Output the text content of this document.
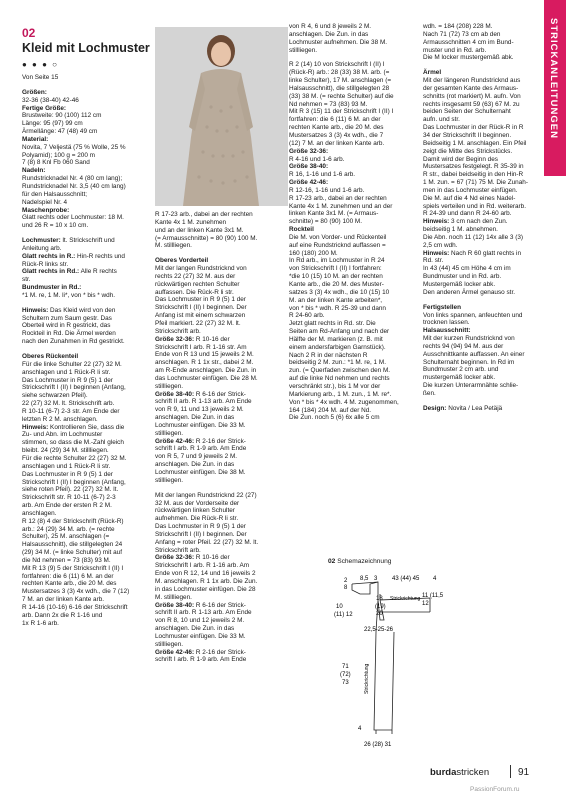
STRICKANLEITUNGEN
02
Kleid mit Lochmuster
● ● ● ○

Von Seite 15

Größen:

32-36 (38-40) 42-46

Fertige Größe:

Brustweite: 90 (100) 112 cm

Länge: 95 (97) 99 cm

Ärmellänge: 47 (48) 49 cm

Material:

Novita, 7 Veljestä (75 % Wolle, 25 %

Polyamid); 100 g = 200 m

7 (8) 8 Knl Fb 060 Sand

Nadeln:

Rundstricknadel Nr. 4 (80 cm lang);

Rundstricknadel Nr. 3,5 (40 cm lang)

für den Halsausschnitt;

Nadelspiel Nr. 4

Maschenprobe:

Glatt rechts oder Lochmuster: 18 M.

und 26 R = 10 x 10 cm.

Lochmuster: lt. Strickschrift und

Anleitung arb.

Glatt rechts in R.: Hin-R rechts und

Rück-R links str.

Glatt rechts in Rd.: Alle R rechts

str.

Bundmuster in Rd.:

*1 M. re, 1 M. li*, von * bis * wdh.

Hinweis: Das Kleid wird von den

Schultern zum Saum gestr. Das

Oberteil wird in R gestrickt, das

Rockteil in Rd. Die Ärmel werden

nach den Zunahmen in Rd gestrickt.

Oberes Rückenteil

Für die linke Schulter 22 (27) 32 M.

anschlagen und 1 Rück-R li str.

Das Lochmuster in R 9 (5) 1 der

Strickschrift I (II) I beginnen (Anfang,

siehe schwarzen Pfeil).

22 (27) 32 M. lt. Strickschrift arb.

R 10-11 (6-7) 2-3 str. Am Ende der

letzten R 2 M. anschlagen.

Hinweis: Kontrollieren Sie, dass die

Zu- und Abn. im Lochmuster

stimmen, so dass die M.-Zahl gleich

bleibt. 24 (29) 34 M. stillliegen.

Für die rechte Schulter 22 (27) 32 M.

anschlagen und 1 Rück-R li str.

Das Lochmuster in R 9 (5) 1 der

Strickschrift I (II) I beginnen (Anfang,

siehe roten Pfeil). 22 (27) 32 M. lt.

Strickschrift str. R 10-11 (6-7) 2-3

arb. Am Ende der ersten R 2 M.

anschlagen.

R 12 (8) 4 der Strickschrift (Rück-R)

arb.: 24 (29) 34 M. arb. (= rechte

Schulter), 25 M. anschlagen (=

Halsausschnitt), die stillgelegten 24

(29) 34 M. (= linke Schulter) mit auf

die Nd nehmen = 73 (83) 93 M.

Mit R 13 (9) 5 der Strickschrift I (II) I

fortfahren: die 6 (11) 6 M. an der

rechten Kante arb., die 20 M. des

Mustersatzes 3 (3) 4x wdh., die 7 (12)

7 M. an der linken Kante arb.

R 14-16 (10-16) 6-16 der Strickschrift

arb. Dann 2x die R 1-16 und

1x R 1-6 arb.

R 17-23 arb., dabei an der rechten

Kante 4x 1 M. zunehmen

und an der linken Kante 3x1 M.

(= Armausschnitte) = 80 (90) 100 M.

M. stillliegen.

Oberes Vorderteil

Mit der langen Rundstricknd von

rechts 22 (27) 32 M. aus der

rückwärtigen rechten Schulter

auffassen. Die Rück-R li str.

Das Lochmuster in R 9 (5) 1 der

Strickschrift I (II) I beginnen. Der

Anfang ist mit einem schwarzen

Pfeil markiert. 22 (27) 32 M. lt.

Strickschrift arb.

Größe 32-36: R 10-16 der

Strickschrift I arb. R 1-16 str. Am

Ende von R 13 und 15 jeweils 2 M.

anschlagen. R 1 1x str., dabei 2 M.

am R-Ende anschlagen. Die Zun. in

das Lochmuster einfügen. Die 28 M.

stillliegen.

Größe 38-40: R 6-16 der Strick-

schrift II arb. R 1-13 arb. Am Ende

von R 9, 11 und 13 jeweils 2 M.

anschlagen. Die Zun. in das

Lochmuster einfügen. Die 33 M.

stillliegen.

Größe 42-46: R 2-16 der Strick-

schrift I arb. R 1-9 arb. Am Ende

von R 5, 7 und 9 jeweils 2 M.

anschlagen. Die Zun. in das

Lochmuster einfügen. Die 38 M.

stillliegen.

Mit der langen Rundstricknd 22 (27)

32 M. aus der Vorderseite der

rückwärtigen linken Schulter

aufnehmen. Die Rück-R li str.

Das Lochmuster in R 9 (5) 1 der

Strickschrift I (II) I beginnen. Der

Anfang = roter Pfeil. 22 (27) 32 M. lt.

Strickschrift arb.

Größe 32-36: R 10-16 der

Strickschrift I arb. R 1-16 arb. Am

Ende von R 12, 14 und 16 jeweils 2

M. anschlagen. R 1 1x arb. Die Zun.

in das Lochmuster einfügen. Die 28

M. stillliegen.

Größe 38-40: R 6-16 der Strick-

schrift II arb. R 1-13 arb. Am Ende

von R 8, 10 und 12 jeweils 2 M.

anschlagen. Die Zun. in das

Lochmuster einfügen. Die 33 M.

stillliegen.

Größe 42-46: R 2-16 der Strick-

schrift I arb. R 1-9 arb. Am Ende

von R 4, 6 und 8 jeweils 2 M.

anschlagen. Die Zun. in das

Lochmuster aufnehmen. Die 38 M.

stillliegen.

R 2 (14) 10 von Strickschrift I (II) I

(Rück-R) arb.: 28 (33) 38 M. arb. (=

linke Schulter), 17 M. anschlagen (=

Halsausschnitt), die stillgelegten 28

(33) 38 M. (= rechte Schulter) auf die

Nd nehmen = 73 (83) 93 M.

Mit R 3 (15) 11 der Strickschrift I (II) I

fortfahren: die 6 (11) 6 M. an der

rechten Kante arb., die 20 M. des

Mustersatzes 3 (3) 4x wdh., die 7

(12) 7 M. an der linken Kante arb.

Größe 32-36:

R 4-16 und 1-6 arb.

Größe 38-40:

R 16, 1-16 und 1-6 arb.

Größe 42-46:

R 12-16, 1-16 und 1-6 arb.

R 17-23 arb., dabei an der rechten

Kante 4x 1 M. zunehmen und an der

linken Kante 3x1 M. (= Armaus-

schnitte) = 80 (90) 100 M.

Rockteil

Die M. von Vorder- und Rückenteil

auf eine Rundstricknd auffassen =

160 (180) 200 M.

In Rd arb., im Lochmuster in R 24

von Strickschrift I (II) I fortfahren:

*die 10 (15) 10 M. an der rechten

Kante arb., die 20 M. des Muster-

satzes 3 (3) 4x wdh., die 10 (15) 10

M. an der linken Kante arbeiten*,

von * bis * wdh. R 25-39 und dann

R 24-60 arb.

Jetzt glatt rechts in Rd. str. Die

Seiten am Rd-Anfang und nach der

Hälfte der M. markieren (z. B. mit

einem andersfarbigen Garnstück).

Nach 2 R in der nächsten R

beidseitig 2 M. zun.: *1 M. re, 1 M.

zun. (= Querfaden zwischen den M.

auf die linke Nd nehmen und rechts

verschränkt str.), bis 1 M vor der

Markierung arb., 1 M. zun., 1 M. re*.

Von * bis * 4x wdh. 4 M. zugenommen,

164 (184) 204 M. auf der Nd.

Die Zun. noch 5 (6) 6x alle 5 cm

wdh. = 184 (208) 228 M.

Nach 71 (72) 73 cm ab den

Armausschnitten 4 cm im Bund-

muster und in Rd. arb.

Die M locker mustergemäß abk.

Ärmel

Mit der längeren Rundstricknd aus

der gesamten Kante des Armaus-

schnitts (rot markiert) M. aufn. Von

rechts insgesamt 59 (63) 67 M. zu

beiden Seiten der Schulternaht

aufn. und str.

Das Lochmuster in der Rück-R in R

34 der Strickschrift II beginnen.

Beidseitig 1 M. anschlagen. Ein Pfeil

zeigt die Mitte des Strickstücks.

Damit wird der Beginn des

Mustersatzes festgelegt. R 35-39 in

R str., dabei beidseitig in den Hin-R

1 M. zun. = 67 (71) 75 M. Die Zunah-

men in das Lochmuster einfügen.

Die M. auf die 4 Nd eines Nadel-

spiels verteilen und in Rd. weiterarb.

R 24-39 und dann R 24-60 arb.

Hinweis: 3 cm nach den Zun.

beidseitig 1 M. abnehmen.

Die Abn. noch 11 (12) 14x alle 3 (3)

2,5 cm wdh.

Hinweis: Nach R 60 glatt rechts in

Rd. str.

In 43 (44) 45 cm Höhe 4 cm im

Bundmuster und in Rd. arb.

Mustergemäß locker abk.

Den anderen Ärmel genauso str.

Fertigstellen

Von links spannen, anfeuchten und

trocknen lassen.

Halsausschnitt:

Mit der kurzen Rundstricknd von

rechts 94 (94) 94 M. aus der

Ausschnittkante auffassen. An einer

Schulternaht beginnen. In Rd im

Bundmuster 2 cm arb. und

mustergemäß locker abk.

Die kurzen Unterarmnähte schlie-

ßen.

Design: Novita / Lea Petäjä

02 Schemazeichnung
2
8
8,5 3 43 (44) 45 4
10
(11) 12
18
(19)
20
Strickrichtung
22,5-25-26
11 (11,5
12
71
(72)
73	Strickrichtung
4
26 (28) 31
burdastricken	91
PassionForum.ru
